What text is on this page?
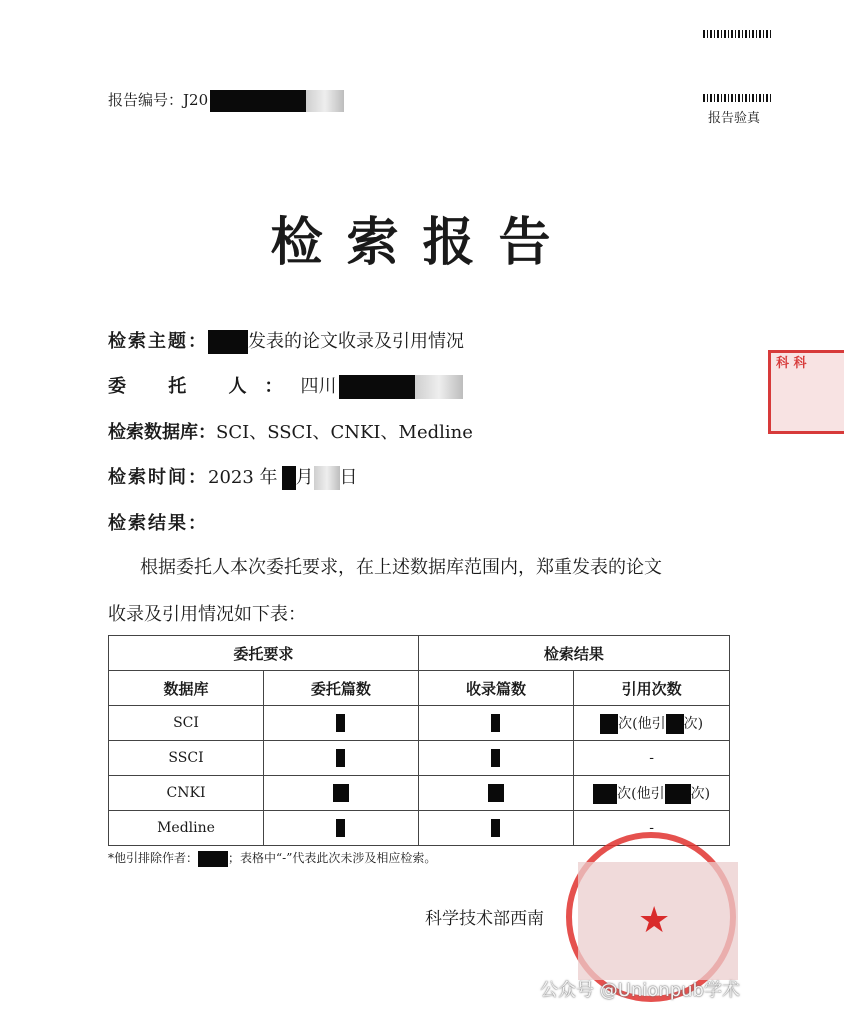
报告编号：J20
报告验真
检索报告
检索主题： 发表的论文收录及引用情况
委 托 人：四川
检索数据库：SCI、SSCI、CNKI、Medline
检索时间：2023 年 月 日
检索结果：
根据委托人本次委托要求，在上述数据库范围内，郑重发表的论文
收录及引用情况如下表：
委托要求		检索结果	
数据库	委托篇数	收录篇数	引用次数
SCI			次(他引 次)
SSCI			-
CNKI			次(他引 次)
Medline			-
*他引排除作者：	；表格中“-”代表此次未涉及相应检索。
科学技术部西南	★
科 科
公众号 @Unionpub学术
